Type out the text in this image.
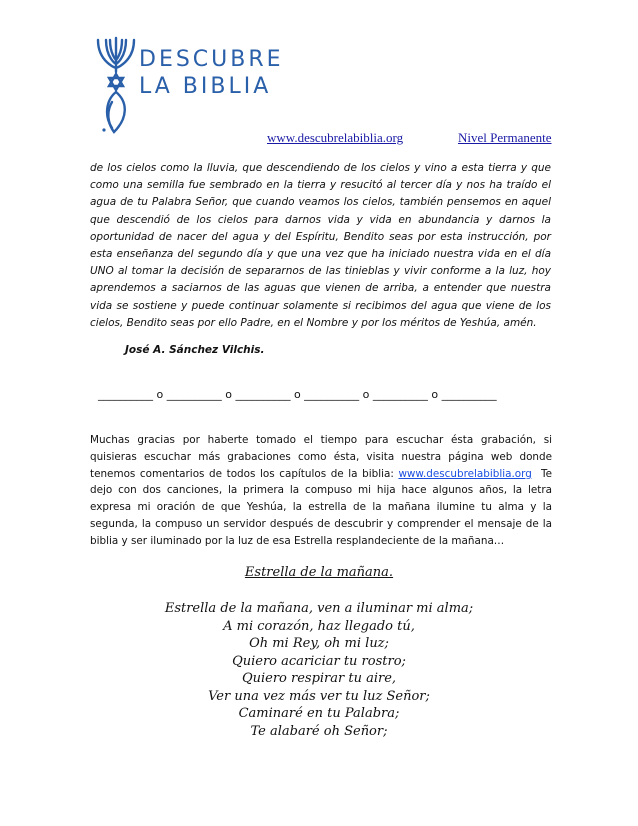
DESCUBRE
LA BIBLIA
www.descubrelabiblia.org	Nivel Permanente

de los cielos como la lluvia, que descendiendo de los cielos y vino a esta tierra y que como una semilla fue sembrado en la tierra y resucitó al tercer día y nos ha traído el agua de tu Palabra Señor, que cuando veamos los cielos, también pensemos en aquel que descendió de los cielos para darnos vida y vida en abundancia y darnos la oportunidad de nacer del agua y del Espíritu, Bendito seas por esta instrucción, por esta enseñanza del segundo día y que una vez que ha iniciado nuestra vida en el día UNO al tomar la decisión de separarnos de las tinieblas y vivir conforme a la luz, hoy aprendemos a saciarnos de las aguas que vienen de arriba, a entender que nuestra vida se sostiene y puede continuar solamente si recibimos del agua que viene de los cielos, Bendito seas por ello Padre, en el Nombre y por los méritos de Yeshúa, amén.

José A. Sánchez Vilchis.
__________ o __________ o __________ o __________ o __________ o __________

Muchas gracias por haberte tomado el tiempo para escuchar ésta grabación, si quisieras escuchar más grabaciones como ésta, visita nuestra página web donde tenemos comentarios de todos los capítulos de la biblia: www.descubrelabiblia.org  Te dejo con dos canciones, la primera la compuso mi hija hace algunos años, la letra expresa mi oración de que Yeshúa, la estrella de la mañana ilumine tu alma y la segunda, la compuso un servidor después de descubrir y comprender el mensaje de la biblia y ser iluminado por la luz de esa Estrella resplandeciente de la mañana…

Estrella de la mañana.
Estrella de la mañana, ven a iluminar mi alma;
A mi corazón, haz llegado tú,
Oh mi Rey, oh mi luz;
Quiero acariciar tu rostro;
Quiero respirar tu aire,
Ver una vez más ver tu luz Señor;
Caminaré en tu Palabra;
Te alabaré oh Señor;
